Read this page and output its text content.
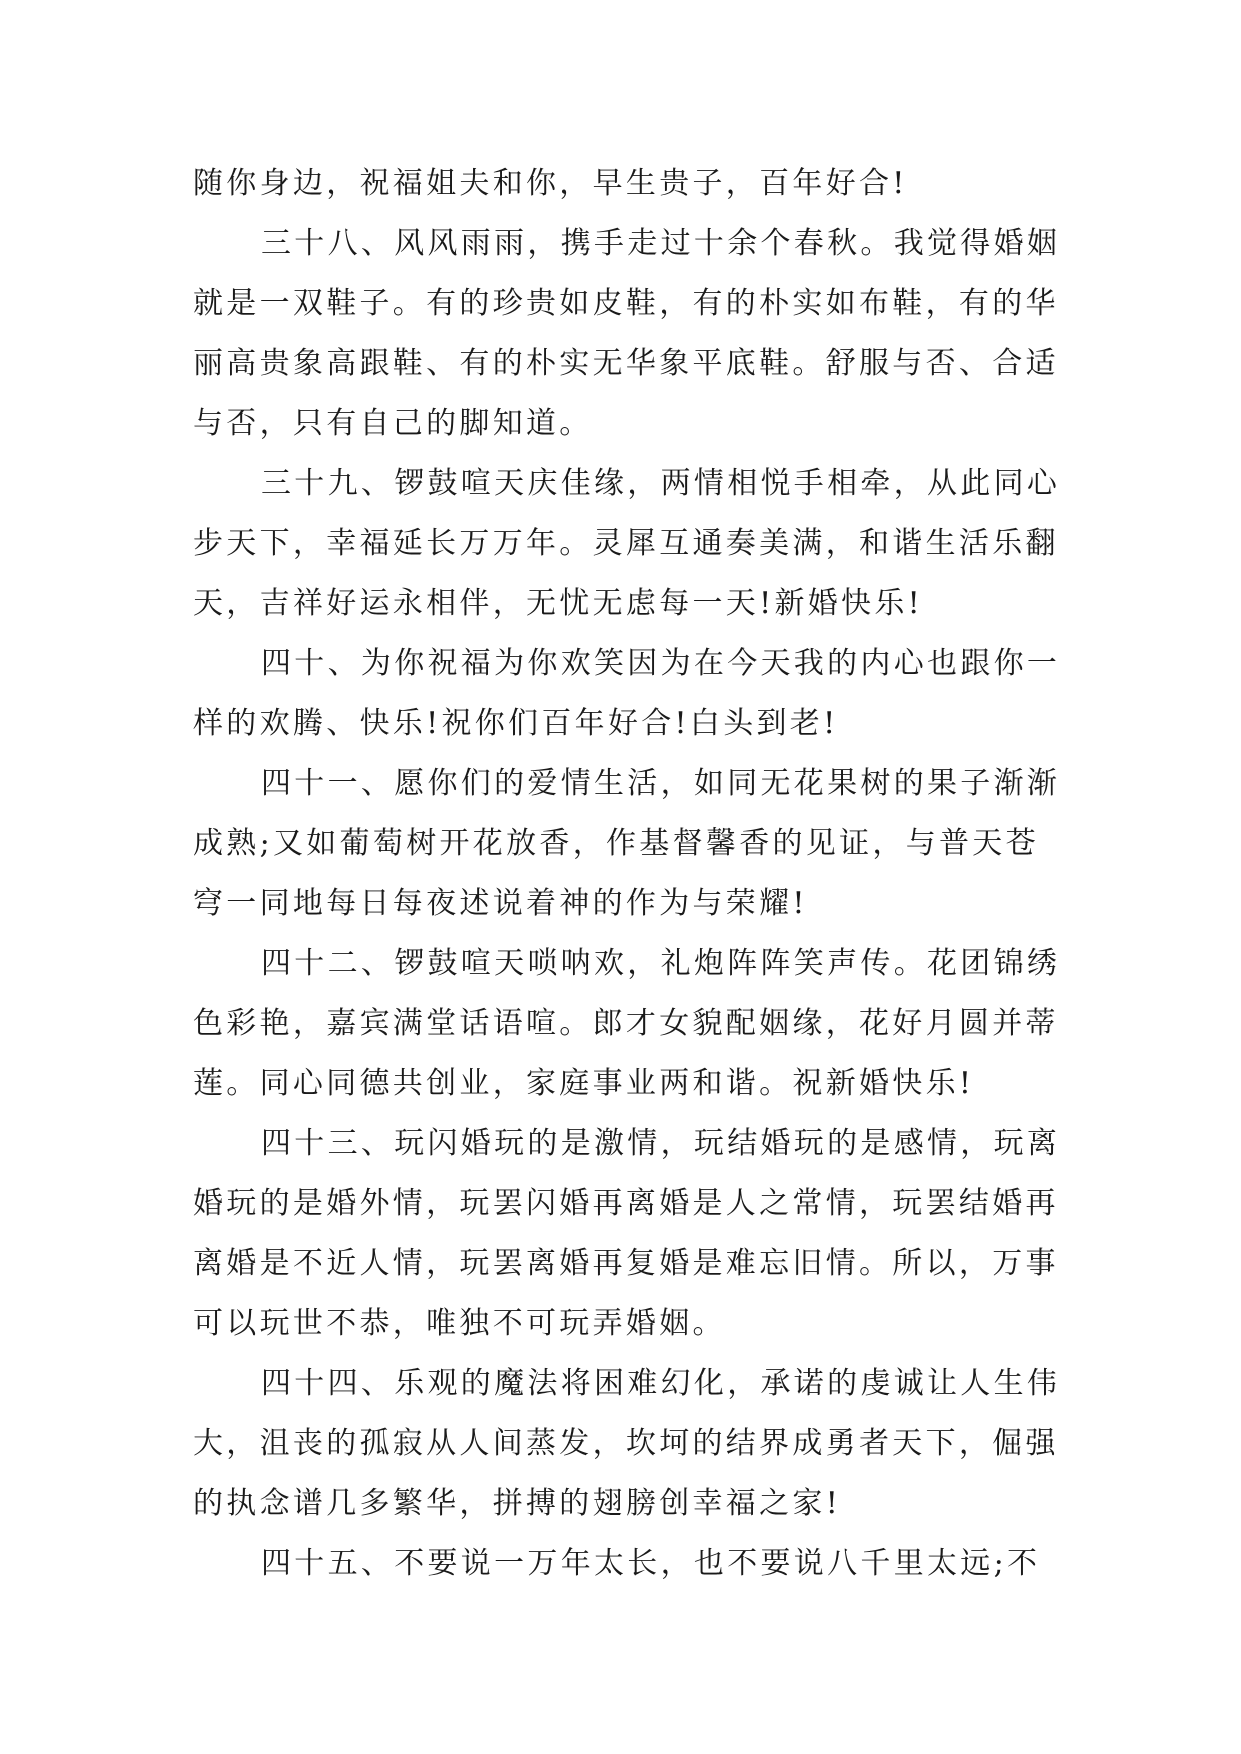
随你身边，祝福姐夫和你，早生贵子，百年好合!
三十八、风风雨雨，携手走过十余个春秋。我觉得婚姻
就是一双鞋子。有的珍贵如皮鞋，有的朴实如布鞋，有的华
丽高贵象高跟鞋、有的朴实无华象平底鞋。舒服与否、合适
与否，只有自己的脚知道。
三十九、锣鼓喧天庆佳缘，两情相悦手相牵，从此同心
步天下，幸福延长万万年。灵犀互通奏美满，和谐生活乐翻
天，吉祥好运永相伴，无忧无虑每一天!新婚快乐!
四十、为你祝福为你欢笑因为在今天我的内心也跟你一
样的欢腾、快乐!祝你们百年好合!白头到老!
四十一、愿你们的爱情生活，如同无花果树的果子渐渐
成熟;又如葡萄树开花放香，作基督馨香的见证，与普天苍
穹一同地每日每夜述说着神的作为与荣耀!
四十二、锣鼓喧天唢呐欢，礼炮阵阵笑声传。花团锦绣
色彩艳，嘉宾满堂话语喧。郎才女貌配姻缘，花好月圆并蒂
莲。同心同德共创业，家庭事业两和谐。祝新婚快乐!
四十三、玩闪婚玩的是激情，玩结婚玩的是感情，玩离
婚玩的是婚外情，玩罢闪婚再离婚是人之常情，玩罢结婚再
离婚是不近人情，玩罢离婚再复婚是难忘旧情。所以，万事
可以玩世不恭，唯独不可玩弄婚姻。
四十四、乐观的魔法将困难幻化，承诺的虔诚让人生伟
大，沮丧的孤寂从人间蒸发，坎坷的结界成勇者天下，倔强
的执念谱几多繁华，拼搏的翅膀创幸福之家!
四十五、不要说一万年太长，也不要说八千里太远;不
